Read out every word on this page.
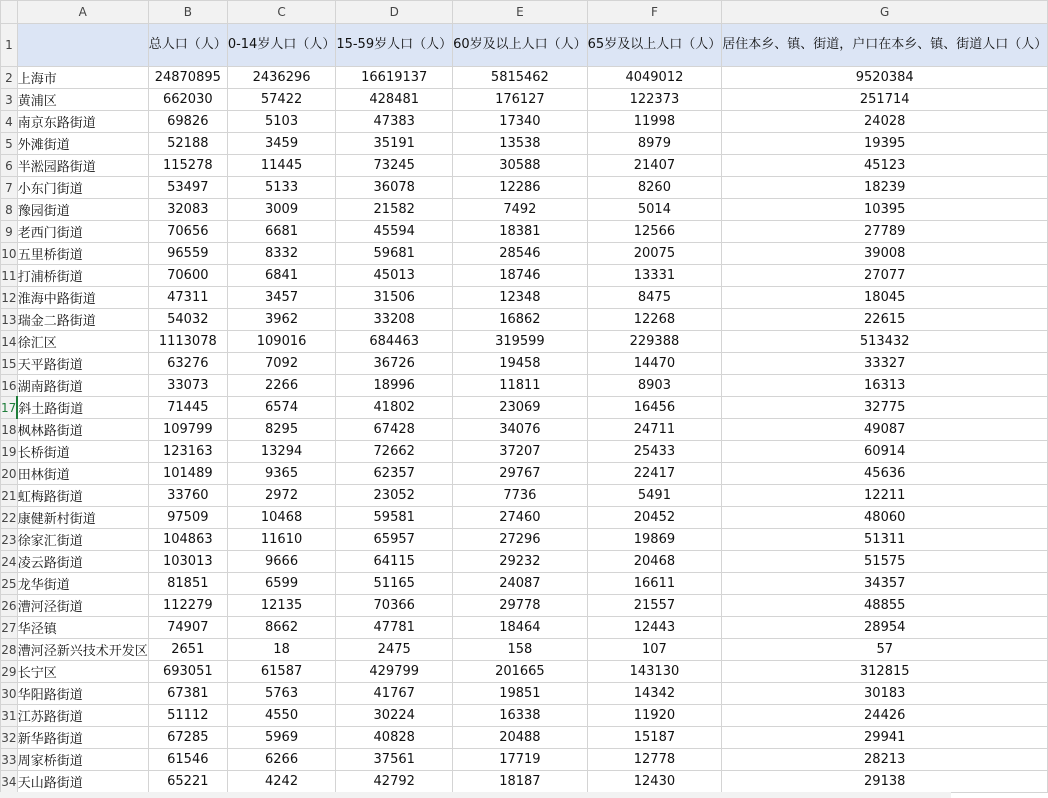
	A	B	C	D	E	F	G
1		总人口（人）	0-14岁人口（人）	15-59岁人口（人）	60岁及以上人口（人）	65岁及以上人口（人）	居住本乡、镇、街道，户口在本乡、镇、街道人口（人）
2	上海市	24870895	2436296	16619137	5815462	4049012	9520384
3	黄浦区	662030	57422	428481	176127	122373	251714
4	南京东路街道	69826	5103	47383	17340	11998	24028
5	外滩街道	52188	3459	35191	13538	8979	19395
6	半淞园路街道	115278	11445	73245	30588	21407	45123
7	小东门街道	53497	5133	36078	12286	8260	18239
8	豫园街道	32083	3009	21582	7492	5014	10395
9	老西门街道	70656	6681	45594	18381	12566	27789
10	五里桥街道	96559	8332	59681	28546	20075	39008
11	打浦桥街道	70600	6841	45013	18746	13331	27077
12	淮海中路街道	47311	3457	31506	12348	8475	18045
13	瑞金二路街道	54032	3962	33208	16862	12268	22615
14	徐汇区	1113078	109016	684463	319599	229388	513432
15	天平路街道	63276	7092	36726	19458	14470	33327
16	湖南路街道	33073	2266	18996	11811	8903	16313
17	斜土路街道	71445	6574	41802	23069	16456	32775
18	枫林路街道	109799	8295	67428	34076	24711	49087
19	长桥街道	123163	13294	72662	37207	25433	60914
20	田林街道	101489	9365	62357	29767	22417	45636
21	虹梅路街道	33760	2972	23052	7736	5491	12211
22	康健新村街道	97509	10468	59581	27460	20452	48060
23	徐家汇街道	104863	11610	65957	27296	19869	51311
24	凌云路街道	103013	9666	64115	29232	20468	51575
25	龙华街道	81851	6599	51165	24087	16611	34357
26	漕河泾街道	112279	12135	70366	29778	21557	48855
27	华泾镇	74907	8662	47781	18464	12443	28954
28	漕河泾新兴技术开发区	2651	18	2475	158	107	57
29	长宁区	693051	61587	429799	201665	143130	312815
30	华阳路街道	67381	5763	41767	19851	14342	30183
31	江苏路街道	51112	4550	30224	16338	11920	24426
32	新华路街道	67285	5969	40828	20488	15187	29941
33	周家桥街道	61546	6266	37561	17719	12778	28213
34	天山路街道	65221	4242	42792	18187	12430	29138
